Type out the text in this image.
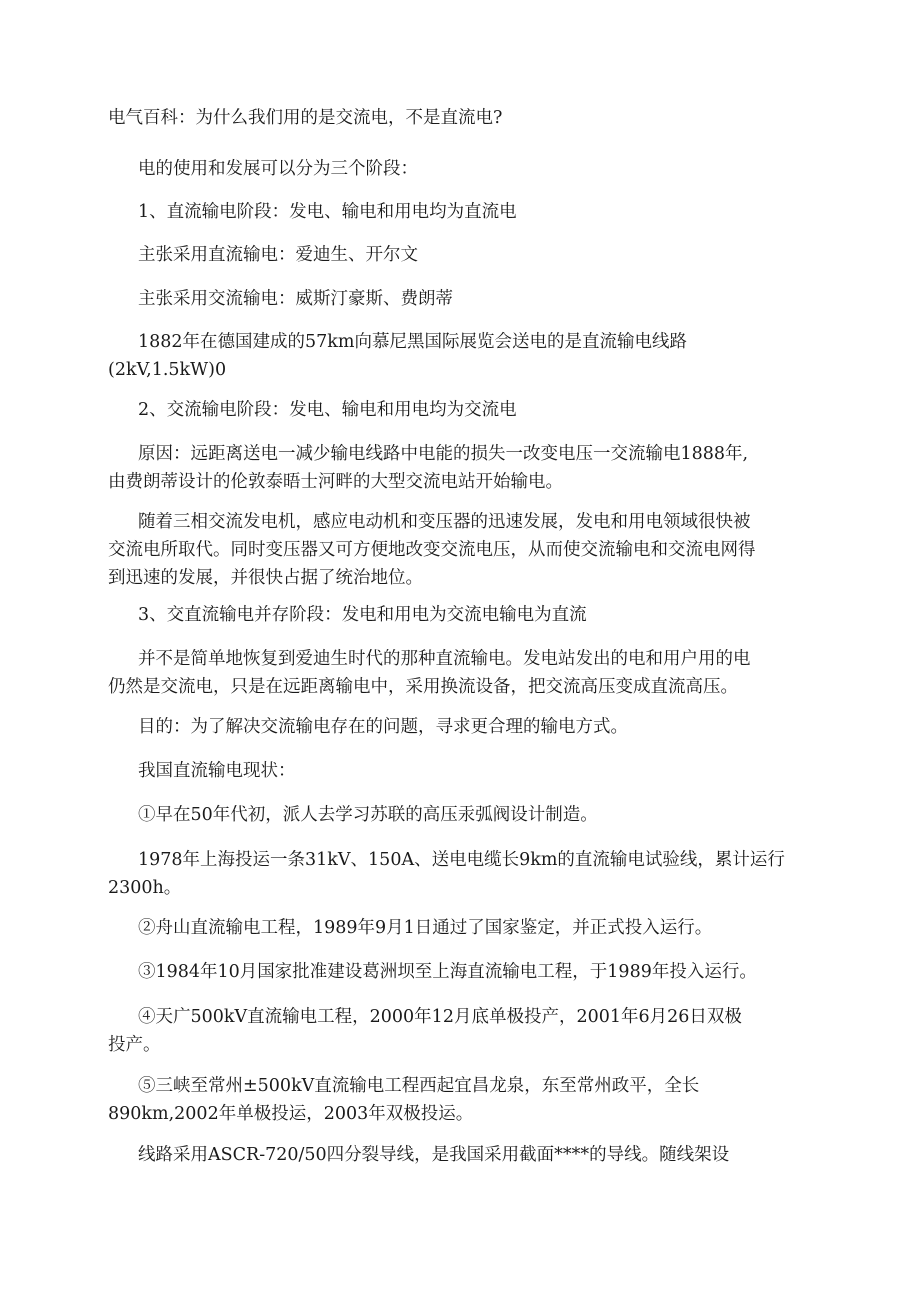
电气百科：为什么我们用的是交流电，不是直流电?
电的使用和发展可以分为三个阶段：
1、直流输电阶段：发电、输电和用电均为直流电
主张采用直流输电：爱迪生、开尔文
主张采用交流输电：威斯汀豪斯、费朗蒂
1882年在德国建成的57km向慕尼黑国际展览会送电的是直流输电线路
(2kV,1.5kW)0
2、交流输电阶段：发电、输电和用电均为交流电
原因：远距离送电一减少输电线路中电能的损失一改变电压一交流输电1888年,
由费朗蒂设计的伦敦泰晤士河畔的大型交流电站开始输电。
随着三相交流发电机，感应电动机和变压器的迅速发展，发电和用电领域很快被
交流电所取代。同时变压器又可方便地改变交流电压，从而使交流输电和交流电网得
到迅速的发展，并很快占据了统治地位。
3、交直流输电并存阶段：发电和用电为交流电输电为直流
并不是简单地恢复到爱迪生时代的那种直流输电。发电站发出的电和用户用的电
仍然是交流电，只是在远距离输电中，采用换流设备，把交流高压变成直流高压。
目的：为了解决交流输电存在的问题，寻求更合理的输电方式。
我国直流输电现状：
①早在50年代初，派人去学习苏联的高压汞弧阀设计制造。
1978年上海投运一条31kV、150A、送电电缆长9km的直流输电试验线，累计运行
2300h。
②舟山直流输电工程，1989年9月1日通过了国家鉴定，并正式投入运行。
③1984年10月国家批准建设葛洲坝至上海直流输电工程，于1989年投入运行。
④天广500kV直流输电工程，2000年12月底单极投产，2001年6月26日双极
投产。
⑤三峡至常州±500kV直流输电工程西起宜昌龙泉，东至常州政平，全长
890km,2002年单极投运，2003年双极投运。
线路采用ASCR-720/50四分裂导线，是我国采用截面****的导线。随线架设
